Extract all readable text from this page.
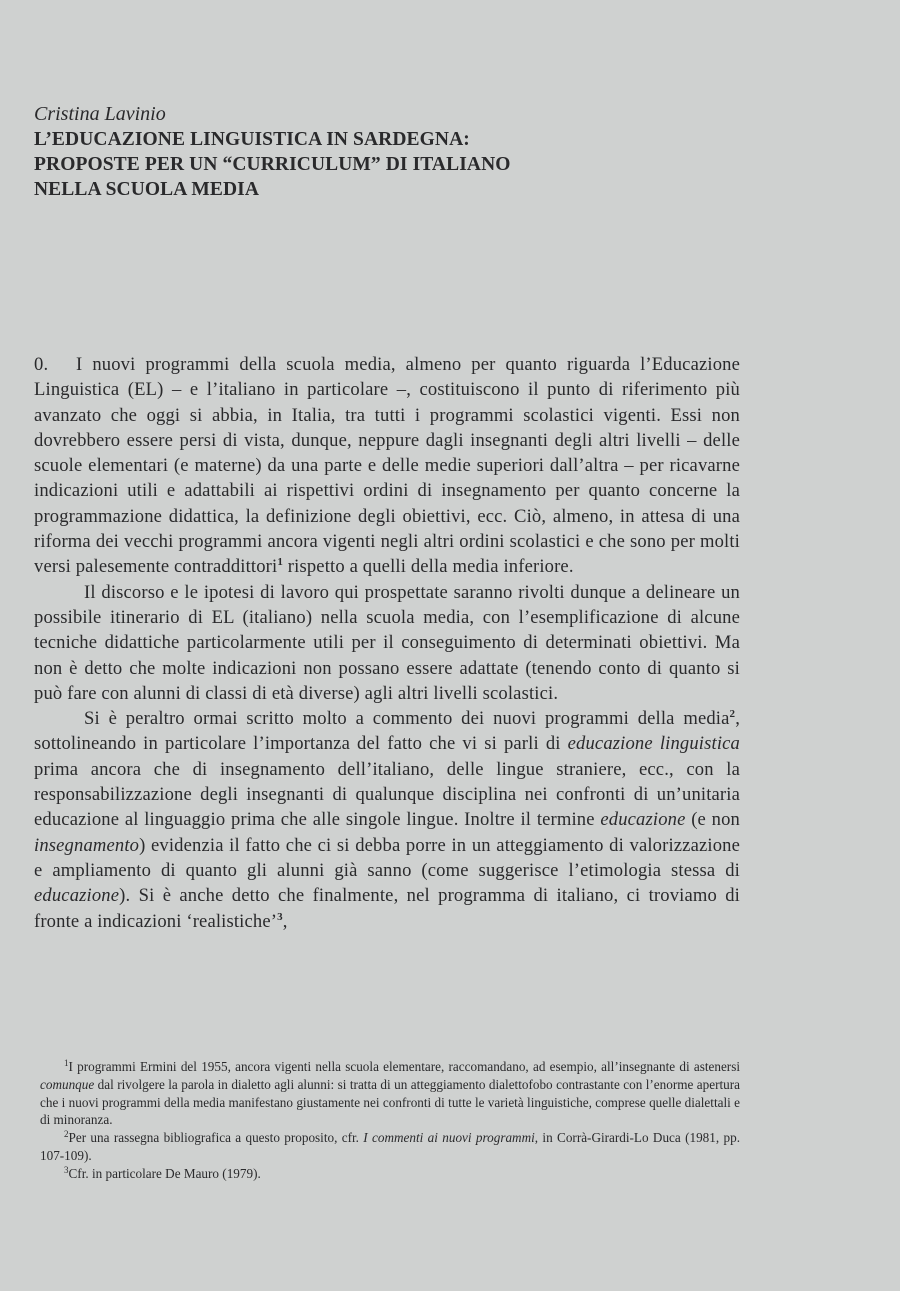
Cristina Lavinio
L’EDUCAZIONE LINGUISTICA IN SARDEGNA:
PROPOSTE PER UN “CURRICULUM” DI ITALIANO
NELLA SCUOLA MEDIA

0. I nuovi programmi della scuola media, almeno per quanto riguarda l’Educazione Linguistica (EL) – e l’italiano in particolare –, costituiscono il punto di riferimento più avanzato che oggi si abbia, in Italia, tra tutti i programmi scolastici vigenti. Essi non dovrebbero essere persi di vista, dunque, neppure dagli insegnanti degli altri livelli – delle scuole elementari (e materne) da una parte e delle medie superiori dall’altra – per ricavarne indicazioni utili e adattabili ai rispettivi ordini di insegnamento per quanto concerne la programmazione didattica, la definizione degli obiettivi, ecc. Ciò, almeno, in attesa di una riforma dei vecchi programmi ancora vigenti negli altri ordini scolastici e che sono per molti versi palesemente contraddittori$^1$ rispetto a quelli della media inferiore.

Il discorso e le ipotesi di lavoro qui prospettate saranno rivolti dunque a delineare un possibile itinerario di EL (italiano) nella scuola media, con l’esemplificazione di alcune tecniche didattiche particolarmente utili per il conseguimento di determinati obiettivi. Ma non è detto che molte indicazioni non possano essere adattate (tenendo conto di quanto si può fare con alunni di classi di età diverse) agli altri livelli scolastici.

Si è peraltro ormai scritto molto a commento dei nuovi programmi della media$^2$, sottolineando in particolare l’importanza del fatto che vi si parli di educazione linguistica prima ancora che di insegnamento dell’italiano, delle lingue straniere, ecc., con la responsabilizzazione degli insegnanti di qualunque disciplina nei confronti di un’unitaria educazione al linguaggio prima che alle singole lingue. Inoltre il termine educazione (e non insegnamento) evidenzia il fatto che ci si debba porre in un atteggiamento di valorizzazione e ampliamento di quanto gli alunni già sanno (come suggerisce l’etimologia stessa di educazione). Si è anche detto che finalmente, nel programma di italiano, ci troviamo di fronte a indicazioni ‘realistiche’$^3$,

$^1$I programmi Ermini del 1955, ancora vigenti nella scuola elementare, raccomandano, ad esempio, all’insegnante di astenersi comunque dal rivolgere la parola in dialetto agli alunni: si tratta di un atteggiamento dialettofobo contrastante con l’enorme apertura che i nuovi programmi della media manifestano giustamente nei confronti di tutte le varietà linguistiche, comprese quelle dialettali e di minoranza.

$^2$Per una rassegna bibliografica a questo proposito, cfr. I commenti ai nuovi programmi, in Corrà-Girardi-Lo Duca (1981, pp. 107-109).

$^3$Cfr. in particolare De Mauro (1979).
